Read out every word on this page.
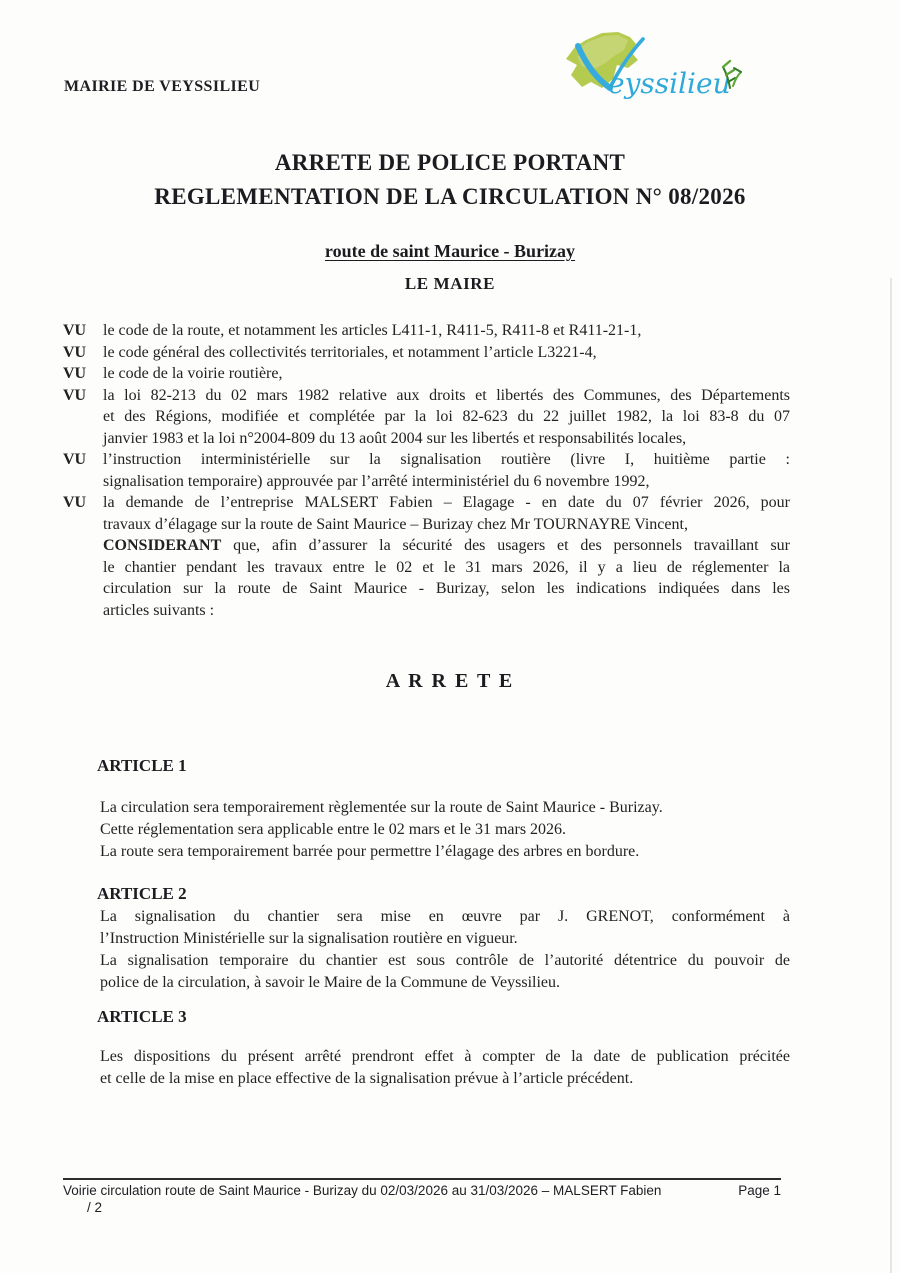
MAIRIE DE VEYSSILIEU	eyssilieu
ARRETE DE POLICE PORTANT
REGLEMENTATION DE LA CIRCULATION N° 08/2026
route de saint Maurice - Burizay
LE MAIRE
VU	le code de la route, et notamment les articles L411-1, R411-5, R411-8 et R411-21-1,
VU	le code général des collectivités territoriales, et notamment l’article L3221-4,
VU	le code de la voirie routière,
VU	la loi 82-213 du 02 mars 1982 relative aux droits et libertés des Communes, des Départements
et des Régions, modifiée et complétée par la loi 82-623 du 22 juillet 1982, la loi 83-8 du 07
janvier 1983 et la loi n°2004-809 du 13 août 2004 sur les libertés et responsabilités locales,
VU	l’instruction interministérielle sur la signalisation routière (livre I, huitième partie :
signalisation temporaire) approuvée par l’arrêté interministériel du 6 novembre 1992,
VU	la demande de l’entreprise MALSERT Fabien – Elagage - en date du 07 février 2026, pour
travaux d’élagage sur la route de Saint Maurice – Burizay chez Mr TOURNAYRE Vincent,
CONSIDERANT que, afin d’assurer la sécurité des usagers et des personnels travaillant sur
le chantier pendant les travaux entre le 02 et le 31 mars 2026, il y a lieu de réglementer la
circulation sur la route de Saint Maurice - Burizay, selon les indications indiquées dans les
articles suivants :
A R R E T E
ARTICLE 1
La circulation sera temporairement règlementée sur la route de Saint Maurice - Burizay.
Cette réglementation sera applicable entre le 02 mars et le 31 mars 2026.
La route sera temporairement barrée pour permettre l’élagage des arbres en bordure.
ARTICLE 2
La signalisation du chantier sera mise en œuvre par J. GRENOT, conformément à
l’Instruction Ministérielle sur la signalisation routière en vigueur.
La signalisation temporaire du chantier est sous contrôle de l’autorité détentrice du pouvoir de
police de la circulation, à savoir le Maire de la Commune de Veyssilieu.
ARTICLE 3
Les dispositions du présent arrêté prendront effet à compter de la date de publication précitée
et celle de la mise en place effective de la signalisation prévue à l’article précédent.
Voirie circulation route de Saint Maurice - Burizay du 02/03/2026 au 31/03/2026 – MALSERT Fabien	Page 1
/ 2
